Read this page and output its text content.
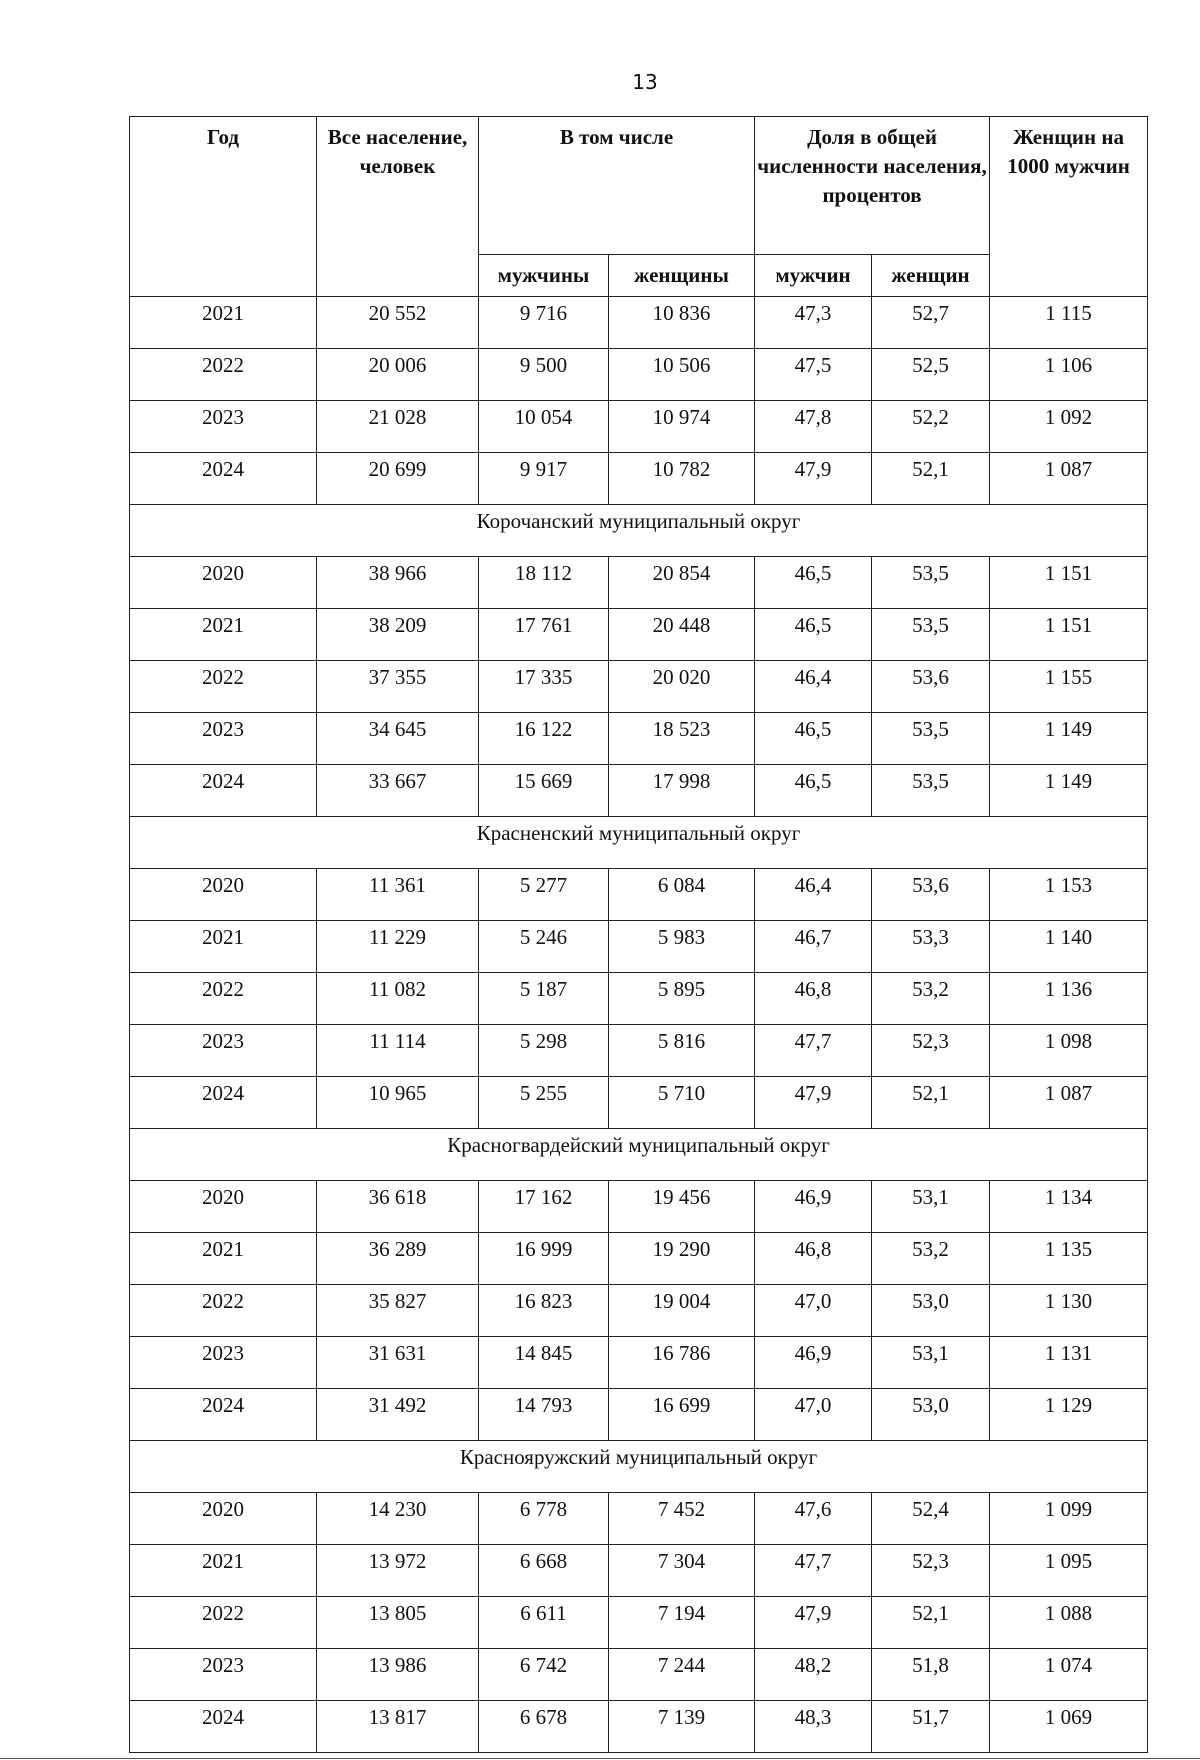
13
Год	Все население, человек	В том числе		Доля в общей численности населения, процентов		Женщин на 1000 мужчин
		мужчины	женщины	мужчин	женщин	
2021	20 552	9 716	10 836	47,3	52,7	1 115
2022	20 006	9 500	10 506	47,5	52,5	1 106
2023	21 028	10 054	10 974	47,8	52,2	1 092
2024	20 699	9 917	10 782	47,9	52,1	1 087
Корочанский муниципальный округ						
2020	38 966	18 112	20 854	46,5	53,5	1 151
2021	38 209	17 761	20 448	46,5	53,5	1 151
2022	37 355	17 335	20 020	46,4	53,6	1 155
2023	34 645	16 122	18 523	46,5	53,5	1 149
2024	33 667	15 669	17 998	46,5	53,5	1 149
Красненский муниципальный округ						
2020	11 361	5 277	6 084	46,4	53,6	1 153
2021	11 229	5 246	5 983	46,7	53,3	1 140
2022	11 082	5 187	5 895	46,8	53,2	1 136
2023	11 114	5 298	5 816	47,7	52,3	1 098
2024	10 965	5 255	5 710	47,9	52,1	1 087
Красногвардейский муниципальный округ						
2020	36 618	17 162	19 456	46,9	53,1	1 134
2021	36 289	16 999	19 290	46,8	53,2	1 135
2022	35 827	16 823	19 004	47,0	53,0	1 130
2023	31 631	14 845	16 786	46,9	53,1	1 131
2024	31 492	14 793	16 699	47,0	53,0	1 129
Краснояружский муниципальный округ						
2020	14 230	6 778	7 452	47,6	52,4	1 099
2021	13 972	6 668	7 304	47,7	52,3	1 095
2022	13 805	6 611	7 194	47,9	52,1	1 088
2023	13 986	6 742	7 244	48,2	51,8	1 074
2024	13 817	6 678	7 139	48,3	51,7	1 069
